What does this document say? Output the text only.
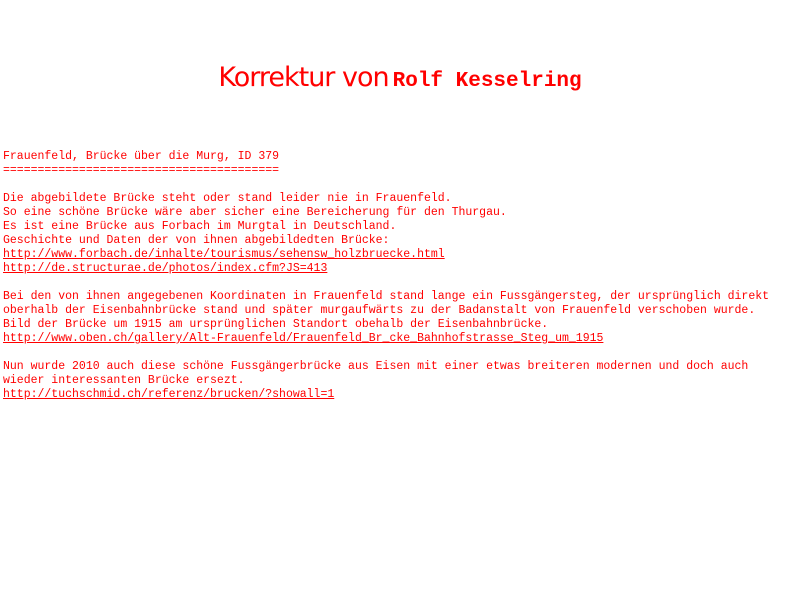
Korrektur von Rolf Kesselring
Frauenfeld, Brücke über die Murg, ID 379
========================================
Die abgebildete Brücke steht oder stand leider nie in Frauenfeld.
So eine schöne Brücke wäre aber sicher eine Bereicherung für den Thurgau.
Es ist eine Brücke aus Forbach im Murgtal in Deutschland.
Geschichte und Daten der von ihnen abgebildedten Brücke:
http://www.forbach.de/inhalte/tourismus/sehensw_holzbruecke.html
http://de.structurae.de/photos/index.cfm?JS=413
Bei den von ihnen angegebenen Koordinaten in Frauenfeld stand lange ein Fussgängersteg, der ursprünglich direkt oberhalb der Eisenbahnbrücke stand und später murgaufwärts zu der Badanstalt von Frauenfeld verschoben wurde.
Bild der Brücke um 1915 am ursprünglichen Standort obehalb der Eisenbahnbrücke.
http://www.oben.ch/gallery/Alt-Frauenfeld/Frauenfeld_Br_cke_Bahnhofstrasse_Steg_um_1915
Nun wurde 2010 auch diese schöne Fussgängerbrücke aus Eisen mit einer etwas breiteren modernen und doch auch wieder interessanten Brücke ersezt.
http://tuchschmid.ch/referenz/brucken/?showall=1
